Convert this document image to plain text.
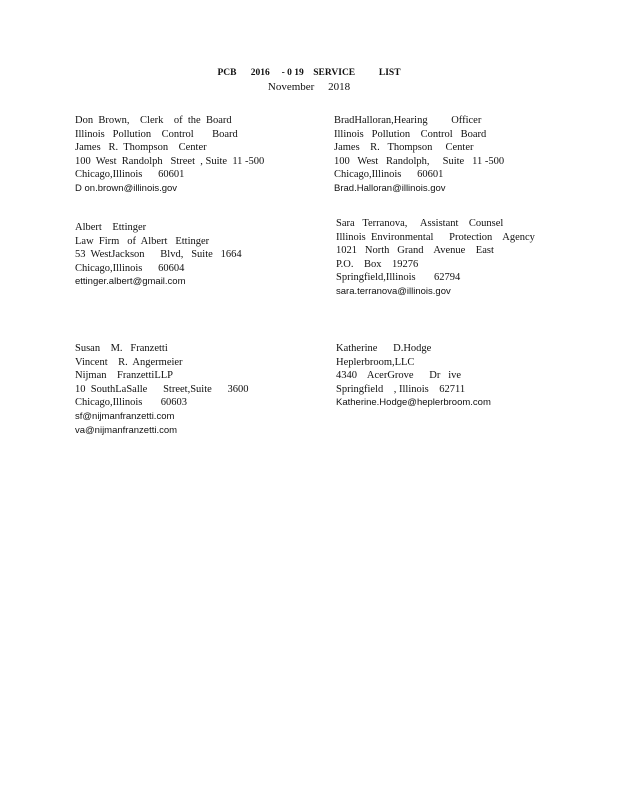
PCB      2016     - 0 19    SERVICE          LIST
November     2018
Don  Brown,    Clerk    of  the  Board
Illinois   Pollution    Control       Board
James   R.  Thompson    Center
100  West  Randolph   Street  , Suite  11 -500
Chicago,Illinois      60601
D on.brown@illinois.gov
BradHalloran,Hearing         Officer
Illinois   Pollution    Control   Board
James    R.   Thompson     Center
100   West   Randolph,     Suite   11 -500
Chicago,Illinois      60601
Brad.Halloran@illinois.gov
Albert    Ettinger
Law  Firm   of  Albert   Ettinger
53  WestJackson      Blvd,   Suite   1664
Chicago,Illinois      60604
ettinger.albert@gmail.com
Sara   Terranova,     Assistant    Counsel
Illinois  Environmental      Protection    Agency
1021   North   Grand    Avenue    East
P.O.    Box    19276
Springfield,Illinois       62794
sara.terranova@illinois.gov
Susan    M.   Franzetti
Vincent    R.  Angermeier
Nijman    FranzettiLLP
10  SouthLaSalle      Street,Suite      3600
Chicago,Illinois       60603
sf@nijmanfranzetti.com
va@nijmanfranzetti.com
Katherine      D.Hodge
Heplerbroom,LLC
4340    AcerGrove      Dr   ive
Springfield    , Illinois    62711
Katherine.Hodge@heplerbroom.com
